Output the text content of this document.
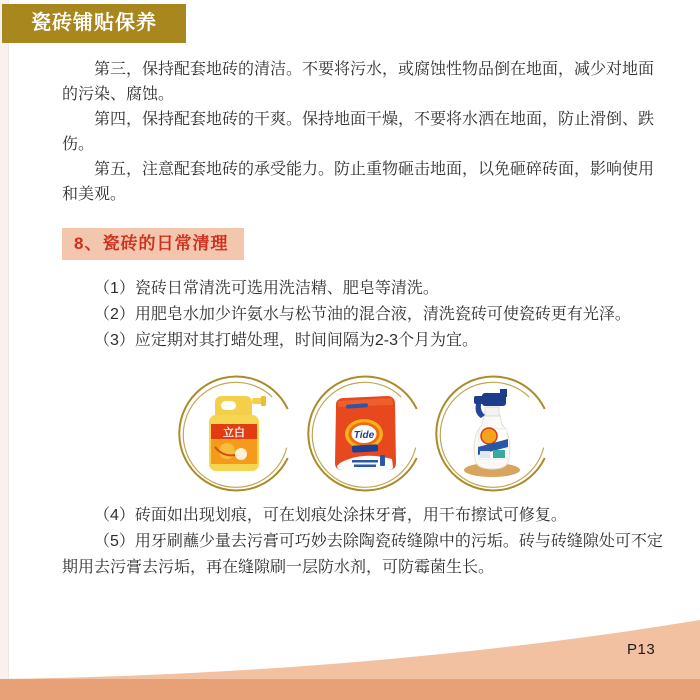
瓷砖铺贴保养

第三，保持配套地砖的清洁。不要将污水，或腐蚀性物品倒在地面，减少对地面的污染、腐蚀。

第四，保持配套地砖的干爽。保持地面干燥，不要将水洒在地面，防止滑倒、跌伤。

第五，注意配套地砖的承受能力。防止重物砸击地面，以免砸碎砖面，影响使用和美观。

8、瓷砖的日常清理

（1）瓷砖日常清洗可选用洗洁精、肥皂等清洗。

（2）用肥皂水加少许氨水与松节油的混合液，清洗瓷砖可使瓷砖更有光泽。

（3）应定期对其打蜡处理，时间间隔为2-3个月为宜。

立白	Tide

（4）砖面如出现划痕，可在划痕处涂抹牙膏，用干布擦试可修复。

（5）用牙刷蘸少量去污膏可巧妙去除陶瓷砖缝隙中的污垢。砖与砖缝隙处可不定期用去污膏去污垢，再在缝隙刷一层防水剂，可防霉菌生长。

P13
